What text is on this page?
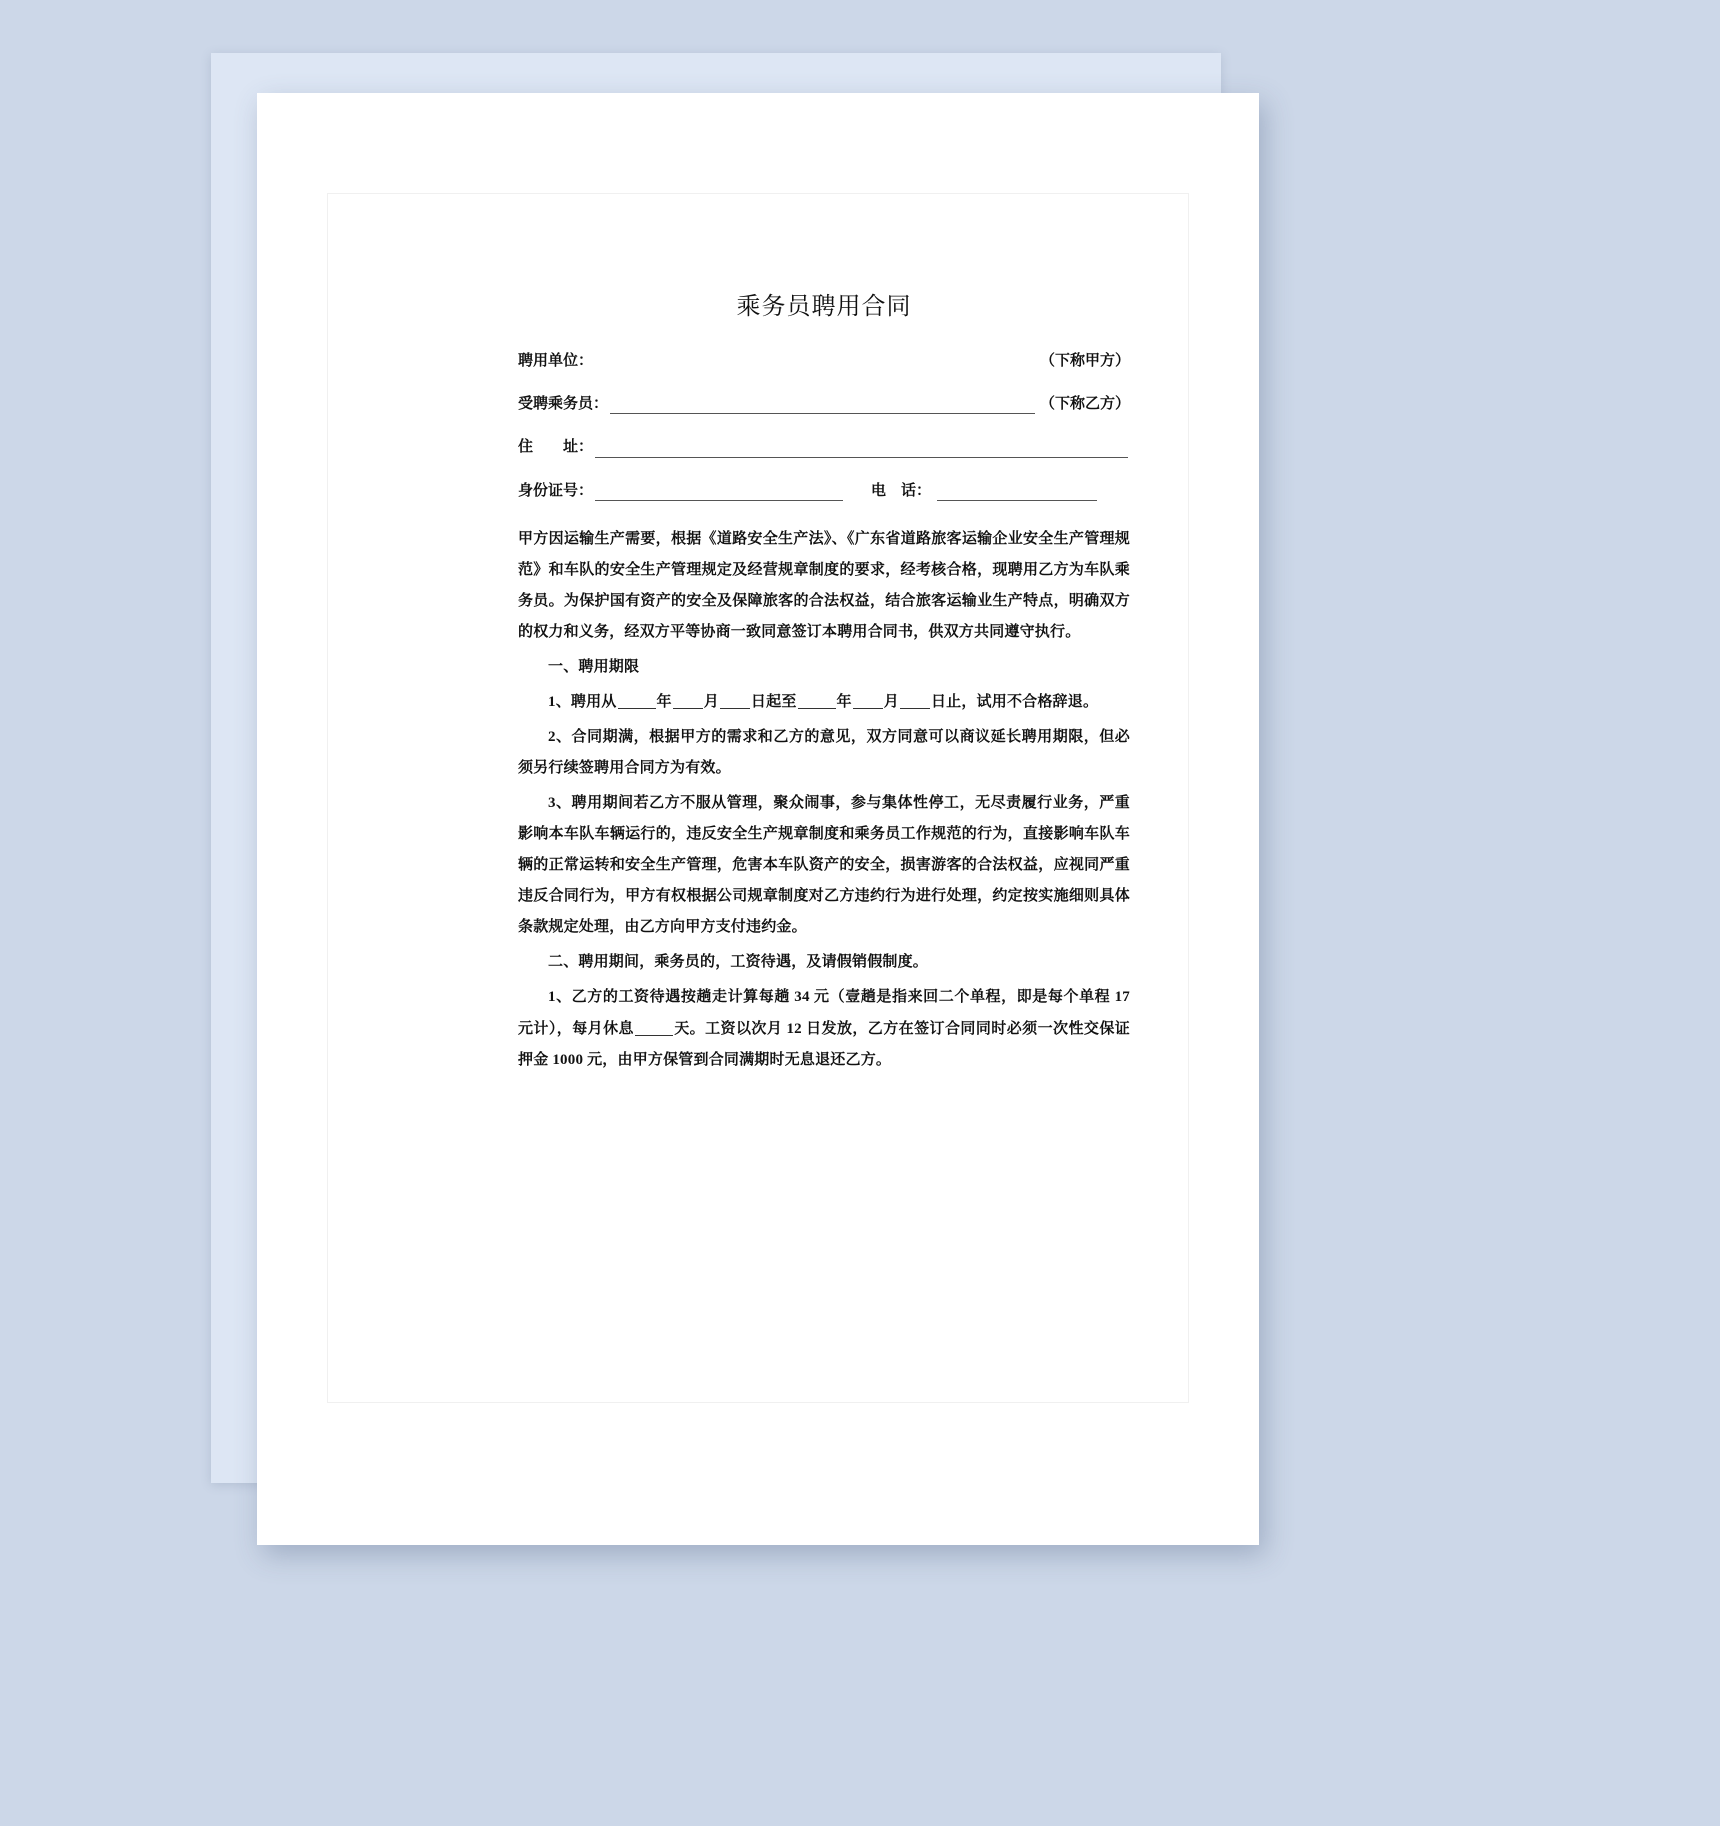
乘务员聘用合同
聘用单位：	（下称甲方）
受聘乘务员：	（下称乙方）
住　　址：
身份证号：	电　话：

甲方因运输生产需要，根据《道路安全生产法》、《广东省道路旅客运输企业安全生产管理规范》和车队的安全生产管理规定及经营规章制度的要求，经考核合格，现聘用乙方为车队乘务员。为保护国有资产的安全及保障旅客的合法权益，结合旅客运输业生产特点，明确双方的权力和义务，经双方平等协商一致同意签订本聘用合同书，供双方共同遵守执行。

一、聘用期限

1、聘用从	年 月 日起至	年 月 日止，试用不合格辞退。

2、合同期满，根据甲方的需求和乙方的意见，双方同意可以商议延长聘用期限，但必须另行续签聘用合同方为有效。

3、聘用期间若乙方不服从管理，聚众闹事，参与集体性停工，无尽责履行业务，严重影响本车队车辆运行的，违反安全生产规章制度和乘务员工作规范的行为，直接影响车队车辆的正常运转和安全生产管理，危害本车队资产的安全，损害游客的合法权益，应视同严重违反合同行为，甲方有权根据公司规章制度对乙方违约行为进行处理，约定按实施细则具体条款规定处理，由乙方向甲方支付违约金。

二、聘用期间，乘务员的，工资待遇，及请假销假制度。

1、乙方的工资待遇按趟走计算每趟 34 元（壹趟是指来回二个单程，即是每个单程 17 元计），每月休息	天。工资以次月 12 日发放，乙方在签订合同同时必须一次性交保证押金 1000 元，由甲方保管到合同满期时无息退还乙方。
